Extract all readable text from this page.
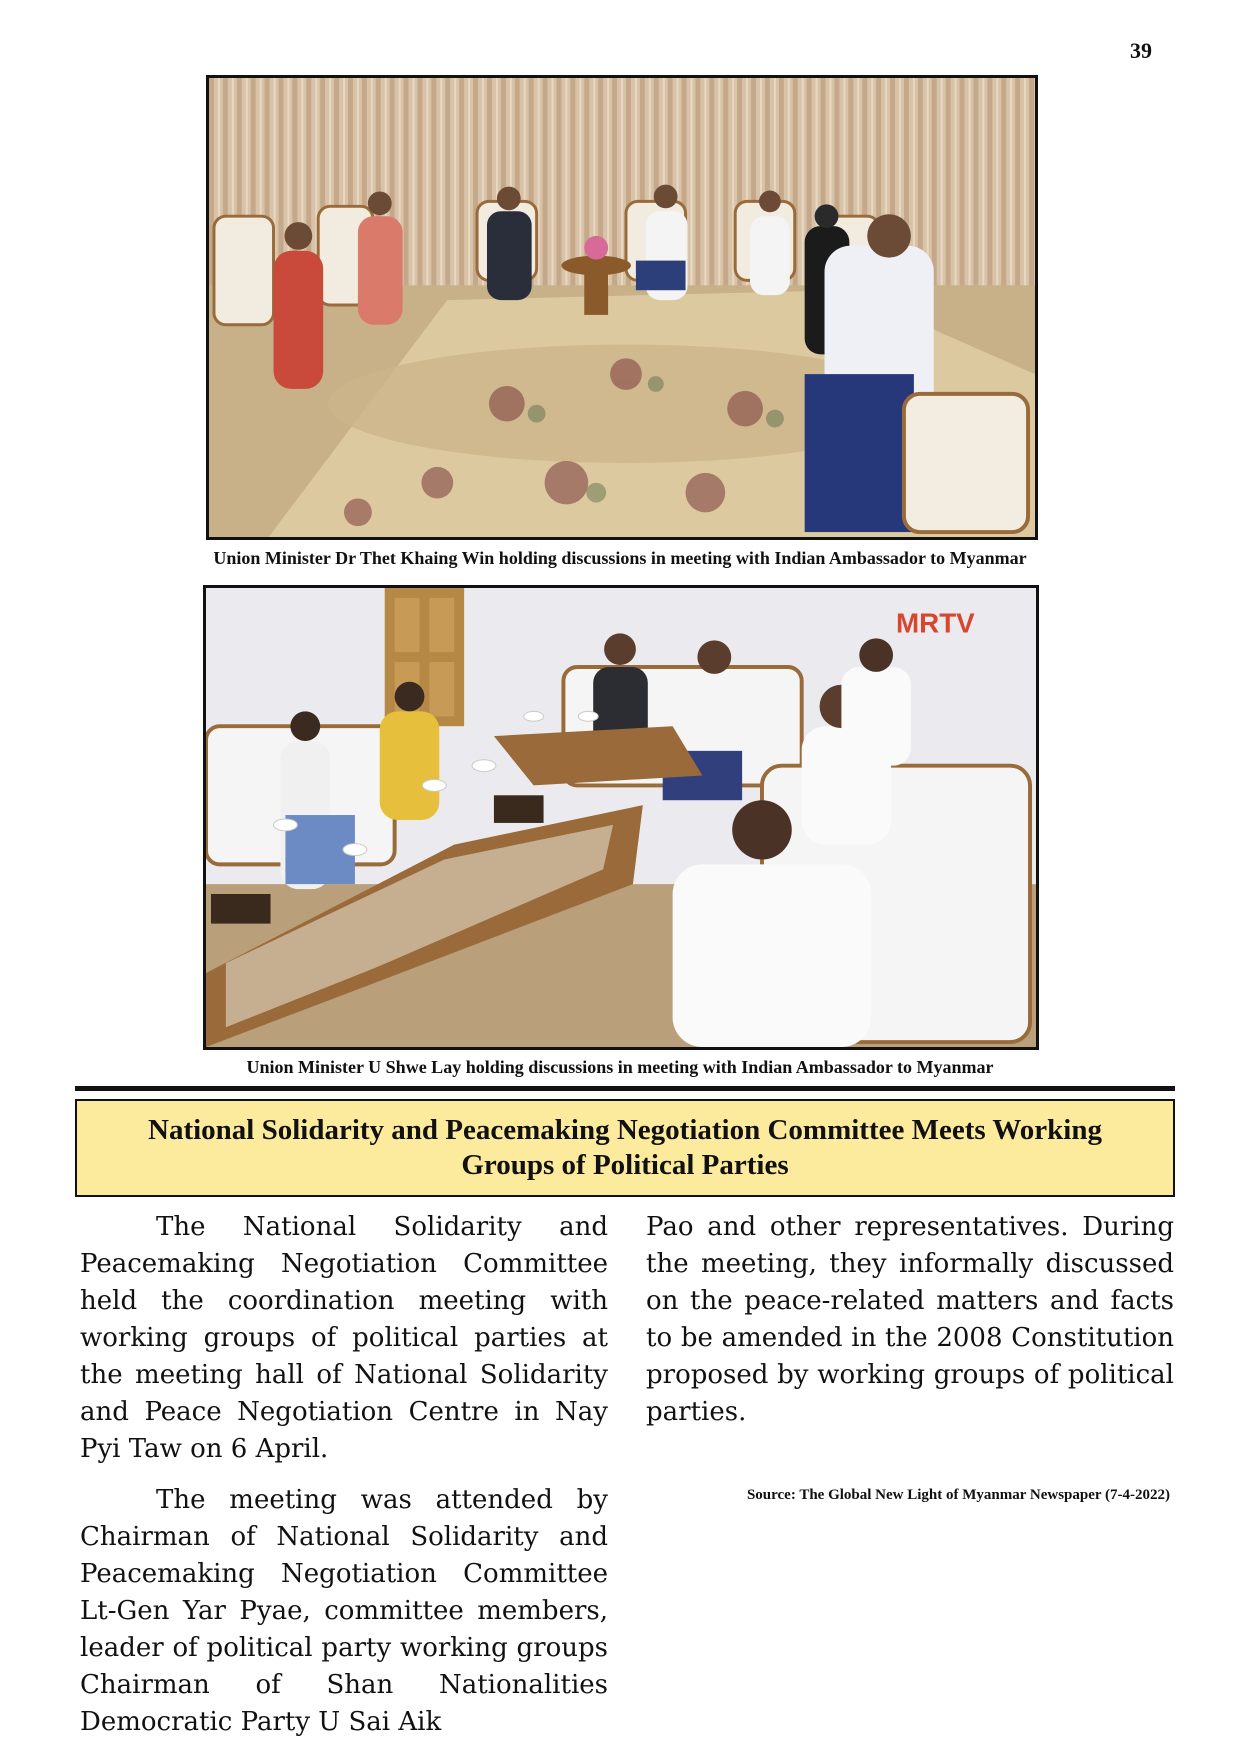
39
Union Minister Dr Thet Khaing Win holding discussions in meeting with Indian Ambassador to Myanmar
MRTV
Union Minister U Shwe Lay holding discussions in meeting with Indian Ambassador to Myanmar
National Solidarity and Peacemaking Negotiation Committee Meets Working Groups of Political Parties

The National Solidarity and Peacemaking Negotiation Committee held the coordination meeting with working groups of political parties at the meeting hall of National Solidarity and Peace Negotiation Centre in Nay Pyi Taw on 6 April.

The meeting was attended by Chairman of National Solidarity and Peacemaking Negotiation Committee Lt-Gen Yar Pyae, committee members, leader of political party working groups Chairman of Shan Nationalities Democratic Party U Sai Aik

Pao and other representatives. During the meeting, they informally discussed on the peace-related matters and facts to be amended in the 2008 Constitution proposed by working groups of political parties.

Source: The Global New Light of Myanmar Newspaper (7-4-2022)
